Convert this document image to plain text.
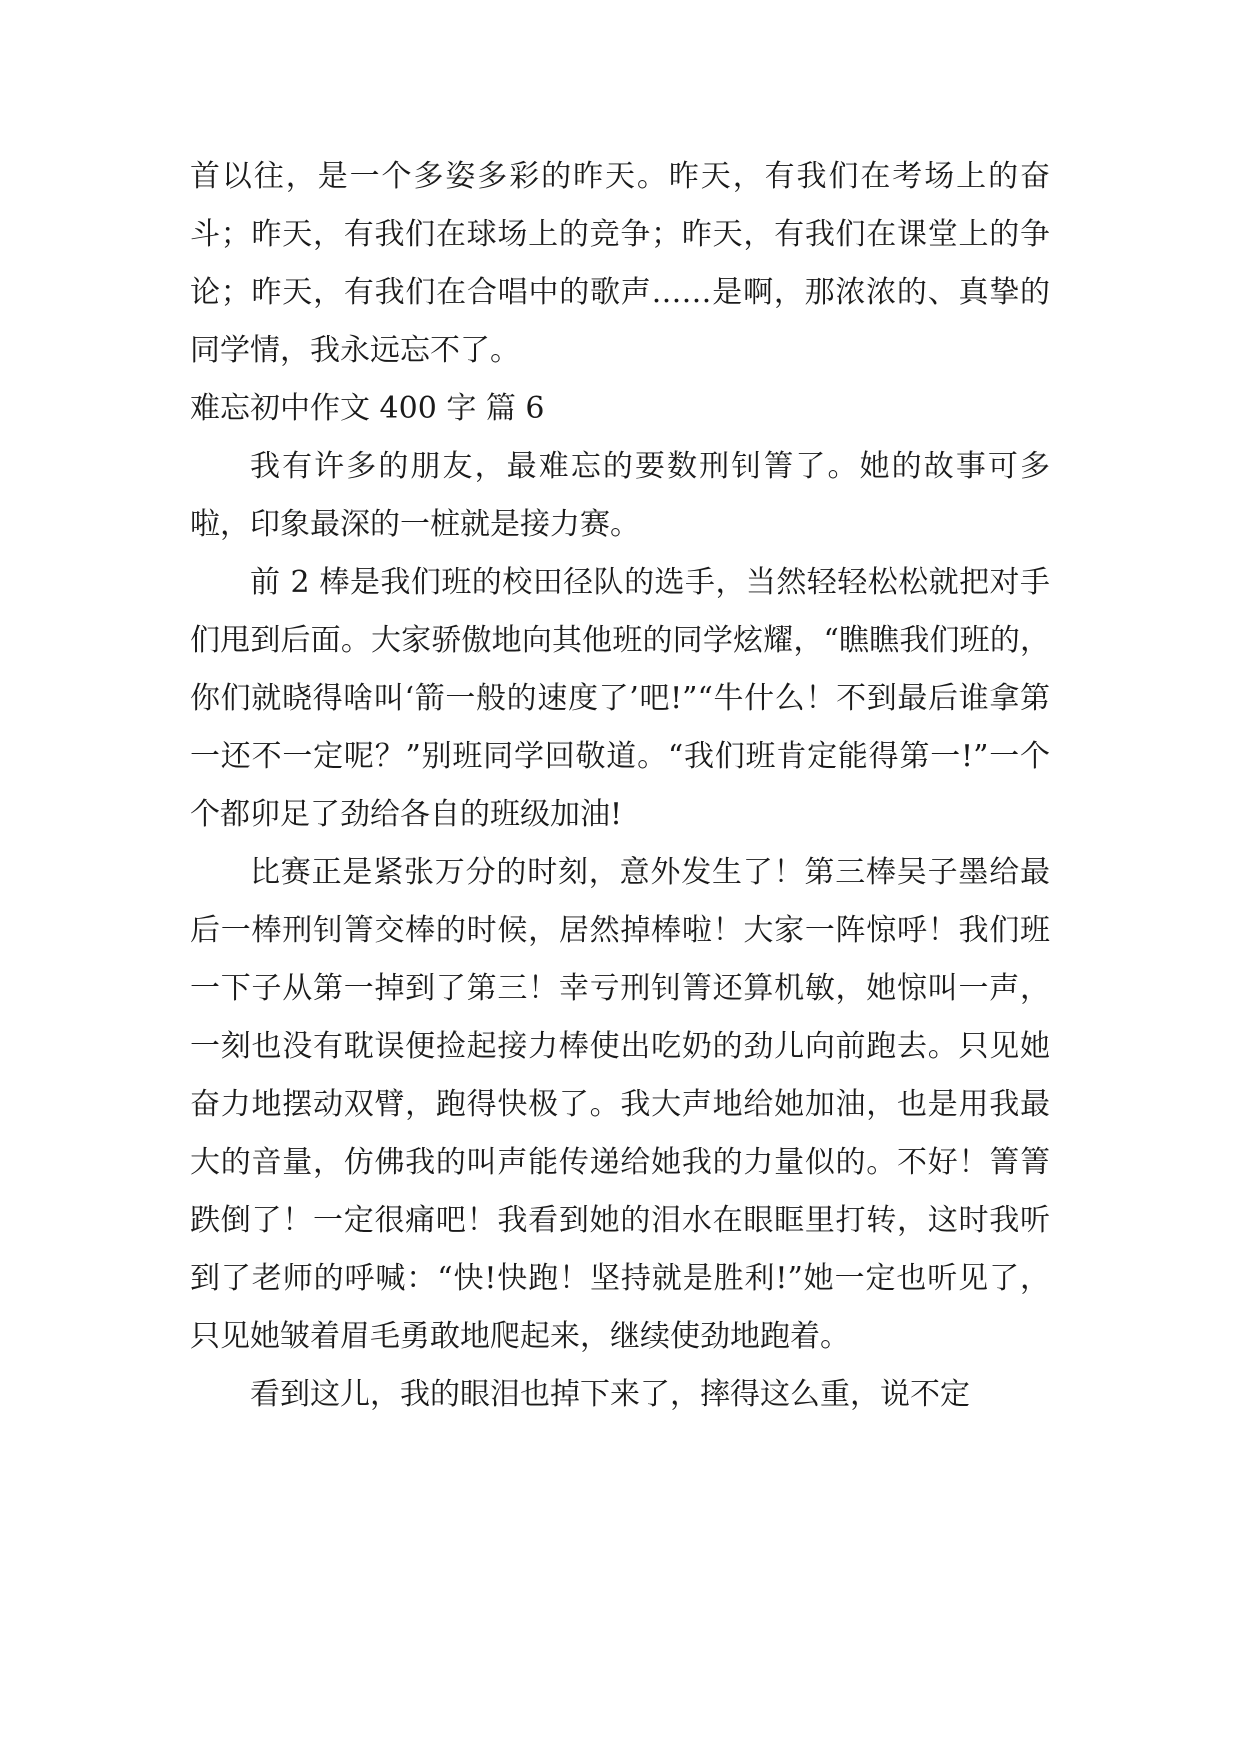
首以往，是一个多姿多彩的昨天。昨天，有我们在考场上的奋斗；昨天，有我们在球场上的竞争；昨天，有我们在课堂上的争论；昨天，有我们在合唱中的歌声……是啊，那浓浓的、真挚的同学情，我永远忘不了。

难忘初中作文 400 字 篇 6

我有许多的朋友，最难忘的要数刑钊箐了。她的故事可多啦，印象最深的一桩就是接力赛。

前 2 棒是我们班的校田径队的选手，当然轻轻松松就把对手们甩到后面。大家骄傲地向其他班的同学炫耀，“瞧瞧我们班的，你们就晓得啥叫‘箭一般的速度了’吧!”“牛什么！不到最后谁拿第一还不一定呢？”别班同学回敬道。“我们班肯定能得第一!”一个个都卯足了劲给各自的班级加油!

比赛正是紧张万分的时刻，意外发生了！第三棒吴子墨给最后一棒刑钊箐交棒的时候，居然掉棒啦！大家一阵惊呼！我们班一下子从第一掉到了第三！幸亏刑钊箐还算机敏，她惊叫一声，一刻也没有耽误便捡起接力棒使出吃奶的劲儿向前跑去。只见她奋力地摆动双臂，跑得快极了。我大声地给她加油，也是用我最大的音量，仿佛我的叫声能传递给她我的力量似的。不好！箐箐跌倒了！一定很痛吧！我看到她的泪水在眼眶里打转，这时我听到了老师的呼喊：“快!快跑！坚持就是胜利!”她一定也听见了，只见她皱着眉毛勇敢地爬起来，继续使劲地跑着。

看到这儿，我的眼泪也掉下来了，摔得这么重，说不定
